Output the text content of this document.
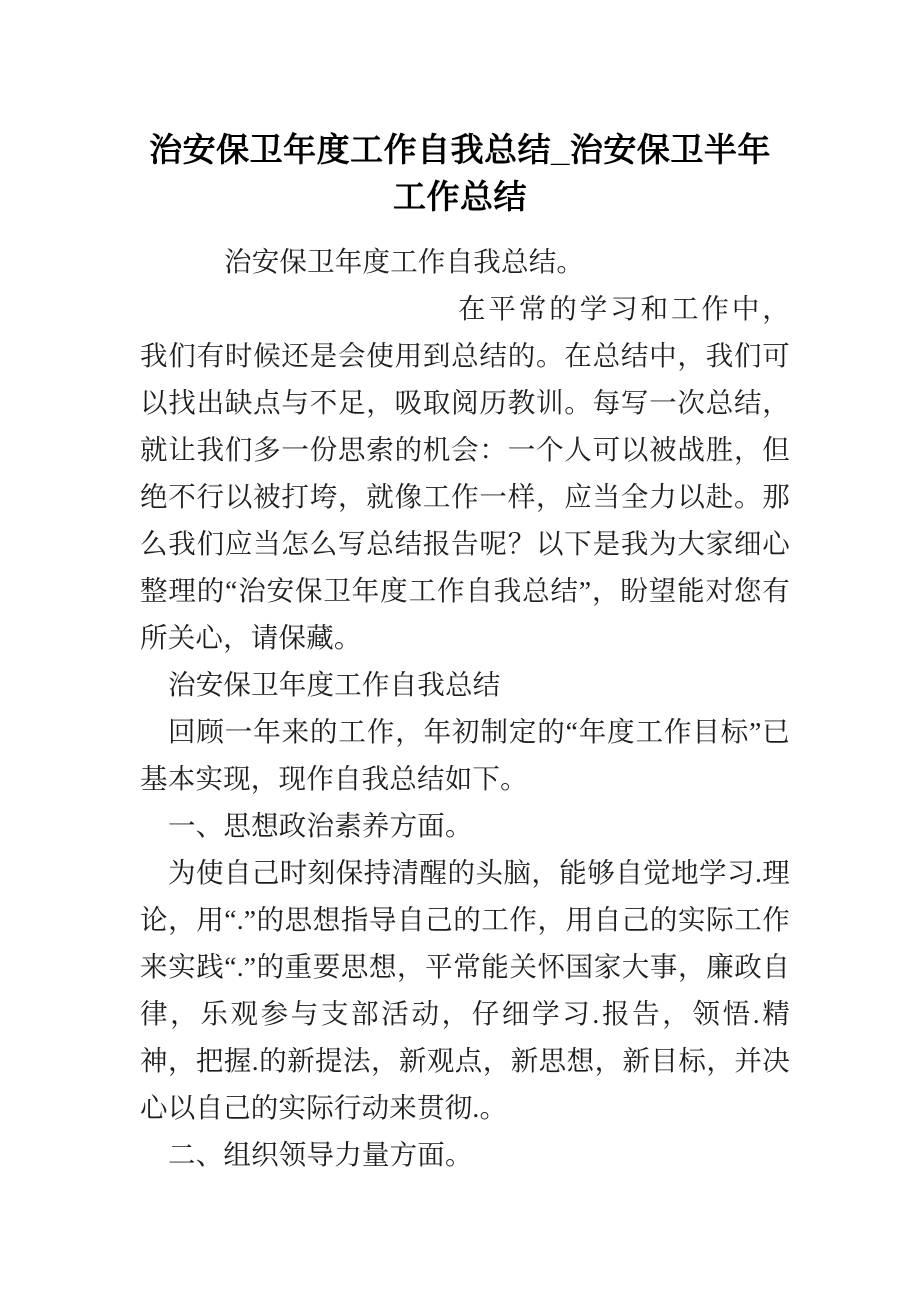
治安保卫年度工作自我总结_治安保卫半年
工作总结

治安保卫年度工作自我总结。

在平常的学习和工作中，我们有时候还是会使用到总结的。在总结中，我们可以找出缺点与不足，吸取阅历教训。每写一次总结，就让我们多一份思索的机会：一个人可以被战胜，但绝不行以被打垮，就像工作一样，应当全力以赴。那么我们应当怎么写总结报告呢？以下是我为大家细心整理的“治安保卫年度工作自我总结”，盼望能对您有所关心，请保藏。

治安保卫年度工作自我总结

回顾一年来的工作，年初制定的“年度工作目标”已基本实现，现作自我总结如下。

一、思想政治素养方面。

为使自己时刻保持清醒的头脑，能够自觉地学习.理论，用“.”的思想指导自己的工作，用自己的实际工作来实践“.”的重要思想，平常能关怀国家大事，廉政自律，乐观参与支部活动，仔细学习.报告，领悟.精神，把握.的新提法，新观点，新思想，新目标，并决心以自己的实际行动来贯彻.。

二、组织领导力量方面。
